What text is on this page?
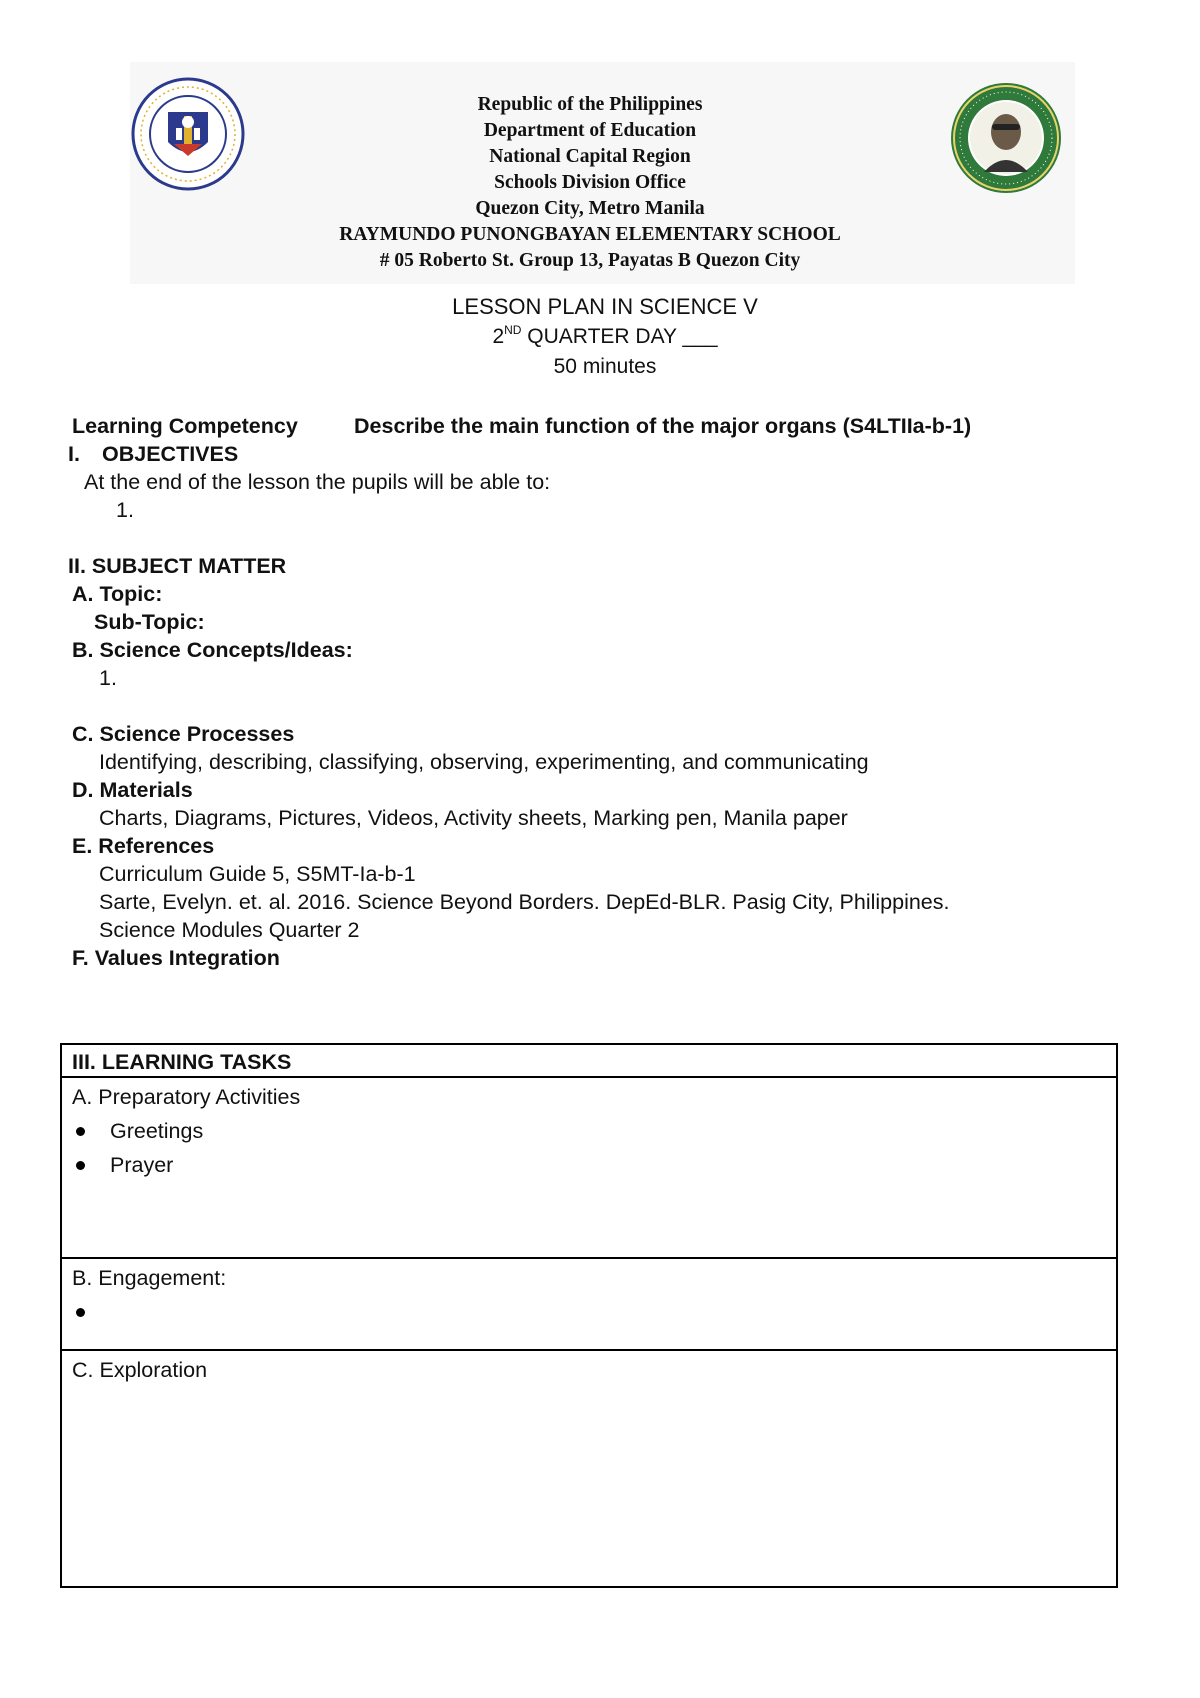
Republic of the Philippines
Department of Education
National Capital Region
Schools Division Office
Quezon City, Metro Manila
RAYMUNDO PUNONGBAYAN ELEMENTARY SCHOOL
# 05 Roberto St. Group 13, Payatas B Quezon City
LESSON PLAN IN SCIENCE V
2ND QUARTER DAY ___
50 minutes
Learning Competency	Describe the main function of the major organs (S4LTIIa-b-1)
I. OBJECTIVES
At the end of the lesson the pupils will be able to:
1.
II. SUBJECT MATTER
A. Topic:
Sub-Topic:
B. Science Concepts/Ideas:
1.
C. Science Processes
Identifying, describing, classifying, observing, experimenting, and communicating
D. Materials
Charts, Diagrams, Pictures, Videos, Activity sheets, Marking pen, Manila paper
E. References
Curriculum Guide 5, S5MT-Ia-b-1
Sarte, Evelyn. et. al. 2016. Science Beyond Borders. DepEd-BLR. Pasig City, Philippines.
Science Modules Quarter 2
F. Values Integration
III. LEARNING TASKS
A. Preparatory Activities
Greetings
Prayer
B. Engagement:
C. Exploration
